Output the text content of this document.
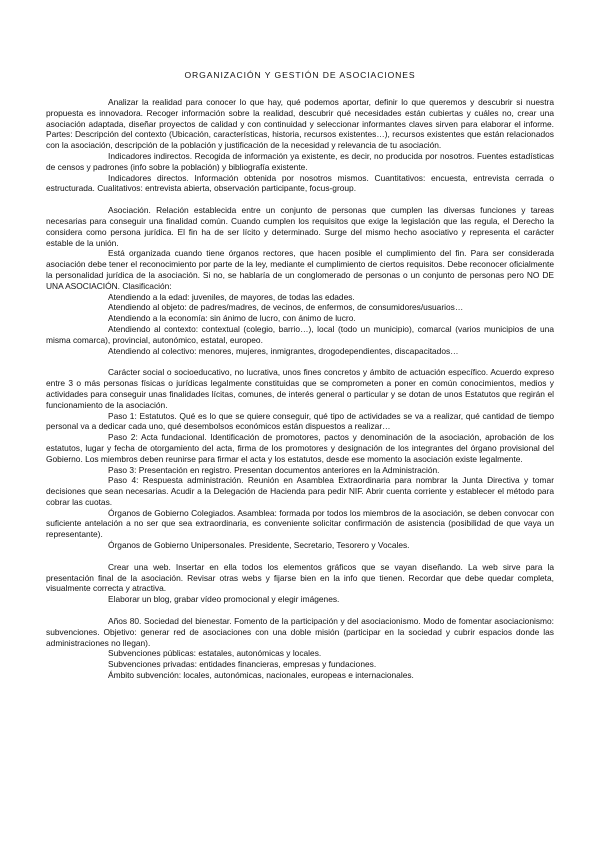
ORGANIZACIÓN Y GESTIÓN DE ASOCIACIONES

Analizar la realidad para conocer lo que hay, qué podemos aportar, definir lo que queremos y descubrir si nuestra propuesta es innovadora. Recoger información sobre la realidad, descubrir qué necesidades están cubiertas y cuáles no, crear una asociación adaptada, diseñar proyectos de calidad y con continuidad y seleccionar informantes claves sirven para elaborar el informe. Partes: Descripción del contexto (Ubicación, características, historia, recursos existentes…), recursos existentes que están relacionados con la asociación, descripción de la población y justificación de la necesidad y relevancia de tu asociación.

Indicadores indirectos. Recogida de información ya existente, es decir, no producida por nosotros. Fuentes estadísticas de censos y padrones (info sobre la población) y bibliografía existente.

Indicadores directos. Información obtenida por nosotros mismos. Cuantitativos: encuesta, entrevista cerrada o estructurada. Cualitativos: entrevista abierta, observación participante, focus-group.

Asociación. Relación establecida entre un conjunto de personas que cumplen las diversas funciones y tareas necesarias para conseguir una finalidad común. Cuando cumplen los requisitos que exige la legislación que las regula, el Derecho la considera como persona jurídica. El fin ha de ser lícito y determinado. Surge del mismo hecho asociativo y representa el carácter estable de la unión.

Está organizada cuando tiene órganos rectores, que hacen posible el cumplimiento del fin. Para ser considerada asociación debe tener el reconocimiento por parte de la ley, mediante el cumplimiento de ciertos requisitos. Debe reconocer oficialmente la personalidad jurídica de la asociación. Si no, se hablaría de un conglomerado de personas o un conjunto de personas pero NO DE UNA ASOCIACIÓN. Clasificación:

Atendiendo a la edad: juveniles, de mayores, de todas las edades.

Atendiendo al objeto: de padres/madres, de vecinos, de enfermos, de consumidores/usuarios…

Atendiendo a la economía: sin ánimo de lucro, con ánimo de lucro.

Atendiendo al contexto: contextual (colegio, barrio…), local (todo un municipio), comarcal (varios municipios de una misma comarca), provincial, autonómico, estatal, europeo.

Atendiendo al colectivo: menores, mujeres, inmigrantes, drogodependientes, discapacitados…

Carácter social o socioeducativo, no lucrativa, unos fines concretos y ámbito de actuación específico. Acuerdo expreso entre 3 o más personas físicas o jurídicas legalmente constituidas que se comprometen a poner en común conocimientos, medios y actividades para conseguir unas finalidades lícitas, comunes, de interés general o particular y se dotan de unos Estatutos que regirán el funcionamiento de la asociación.

Paso 1: Estatutos. Qué es lo que se quiere conseguir, qué tipo de actividades se va a realizar, qué cantidad de tiempo personal va a dedicar cada uno, qué desembolsos económicos están dispuestos a realizar…

Paso 2: Acta fundacional. Identificación de promotores, pactos y denominación de la asociación, aprobación de los estatutos, lugar y fecha de otorgamiento del acta, firma de los promotores y designación de los integrantes del órgano provisional del Gobierno. Los miembros deben reunirse para firmar el acta y los estatutos, desde ese momento la asociación existe legalmente.

Paso 3: Presentación en registro. Presentan documentos anteriores en la Administración.

Paso 4: Respuesta administración. Reunión en Asamblea Extraordinaria para nombrar la Junta Directiva y tomar decisiones que sean necesarias. Acudir a la Delegación de Hacienda para pedir NIF. Abrir cuenta corriente y establecer el método para cobrar las cuotas.

Órganos de Gobierno Colegiados. Asamblea: formada por todos los miembros de la asociación, se deben convocar con suficiente antelación a no ser que sea extraordinaria, es conveniente solicitar confirmación de asistencia (posibilidad de que vaya un representante).

Órganos de Gobierno Unipersonales. Presidente, Secretario, Tesorero y Vocales.

Crear una web. Insertar en ella todos los elementos gráficos que se vayan diseñando. La web sirve para la presentación final de la asociación. Revisar otras webs y fijarse bien en la info que tienen. Recordar que debe quedar completa, visualmente correcta y atractiva.

Elaborar un blog, grabar vídeo promocional y elegir imágenes.

Años 80. Sociedad del bienestar. Fomento de la participación y del asociacionismo. Modo de fomentar asociacionismo: subvenciones. Objetivo: generar red de asociaciones con una doble misión (participar en la sociedad y cubrir espacios donde las administraciones no llegan).

Subvenciones públicas: estatales, autonómicas y locales.

Subvenciones privadas: entidades financieras, empresas y fundaciones.

Ámbito subvención: locales, autonómicas, nacionales, europeas e internacionales.
